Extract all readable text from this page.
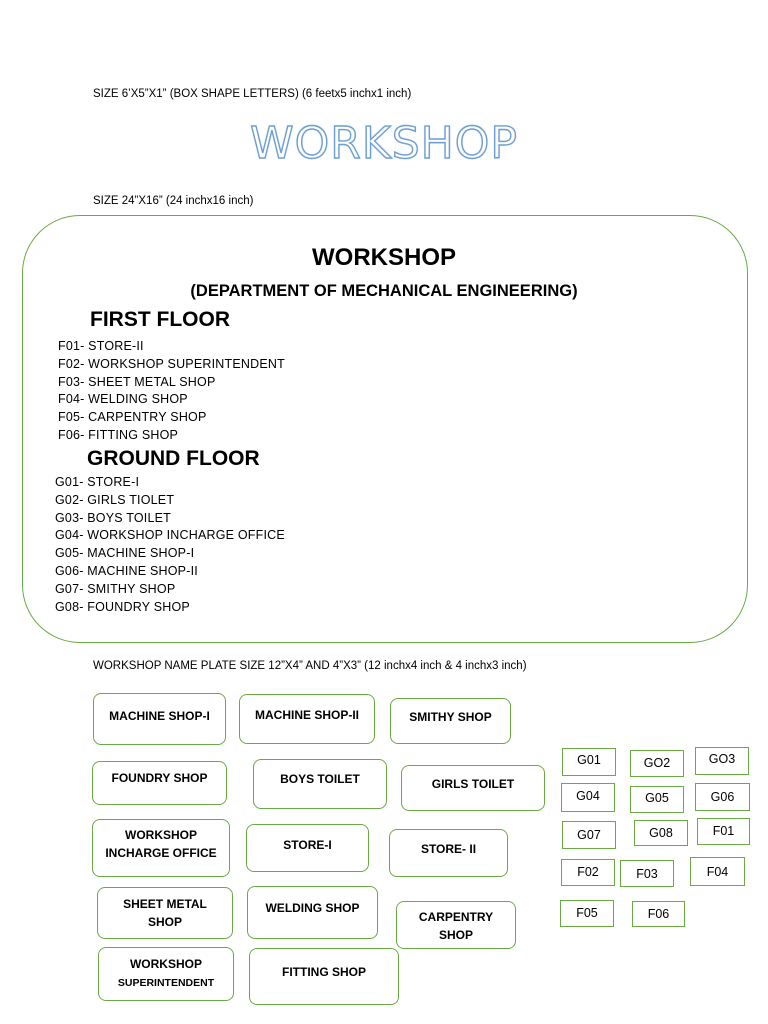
SIZE 6’X5”X1” (BOX SHAPE LETTERS) (6 feetx5 inchx1 inch)
WORKSHOP
SIZE 24”X16” (24 inchx16 inch)
WORKSHOP
(DEPARTMENT OF MECHANICAL ENGINEERING)
FIRST FLOOR
F01- STORE-II
F02- WORKSHOP SUPERINTENDENT
F03- SHEET METAL SHOP
F04- WELDING SHOP
F05- CARPENTRY SHOP
F06- FITTING SHOP
GROUND FLOOR
G01- STORE-I
G02- GIRLS TIOLET
G03- BOYS TOILET
G04- WORKSHOP INCHARGE OFFICE
G05- MACHINE SHOP-I
G06- MACHINE SHOP-II
G07- SMITHY SHOP
G08- FOUNDRY SHOP
WORKSHOP NAME PLATE SIZE 12”X4” AND 4”X3” (12 inchx4 inch & 4 inchx3 inch)
MACHINE SHOP-I	MACHINE SHOP-II	SMITHY SHOP
FOUNDRY SHOP	BOYS TOILET	GIRLS TOILET
WORKSHOP
INCHARGE OFFICE
STORE-I	STORE- II
SHEET METAL
SHOP
WELDING SHOP
CARPENTRY
SHOP
WORKSHOP
SUPERINTENDENT
FITTING SHOP
G01	GO2	GO3
G04	G05	G06
G07	G08	F01
F02	F03	F04
F05	F06
